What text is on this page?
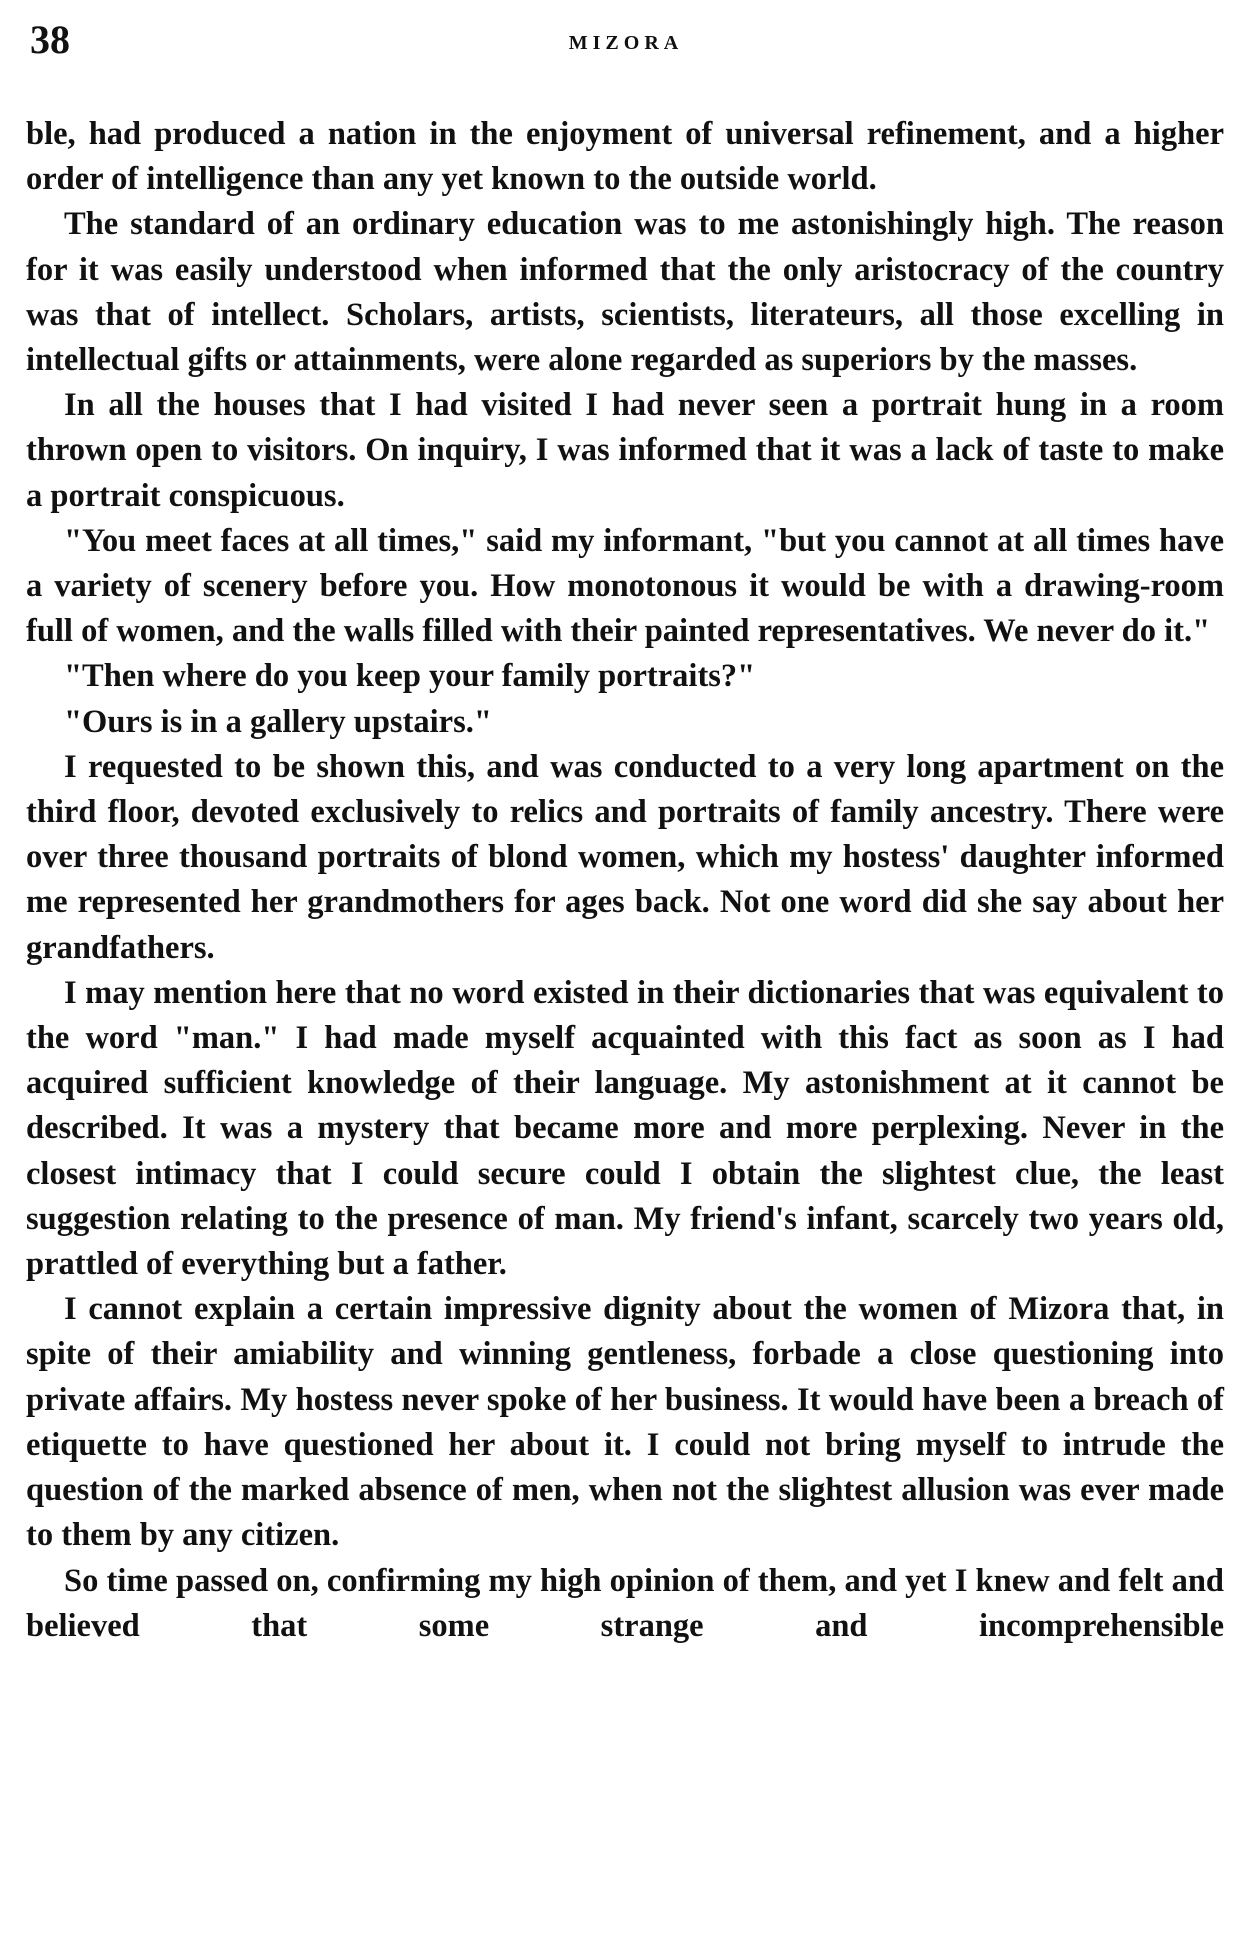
38	MIZORA

ble, had produced a nation in the enjoyment of universal refinement, and a higher order of intelligence than any yet known to the outside world.

The standard of an ordinary education was to me astonishingly high. The reason for it was easily understood when informed that the only aristocracy of the country was that of intellect. Scholars, artists, scientists, literateurs, all those excelling in intellectual gifts or attainments, were alone regarded as superiors by the masses.

In all the houses that I had visited I had never seen a portrait hung in a room thrown open to visitors. On inquiry, I was informed that it was a lack of taste to make a portrait conspicuous.

"You meet faces at all times," said my informant, "but you cannot at all times have a variety of scenery before you. How monotonous it would be with a drawing-room full of women, and the walls filled with their painted representatives. We never do it."

"Then where do you keep your family portraits?"

"Ours is in a gallery upstairs."

I requested to be shown this, and was conducted to a very long apartment on the third floor, devoted exclusively to relics and portraits of family ancestry. There were over three thousand portraits of blond women, which my hostess' daughter informed me represented her grandmothers for ages back. Not one word did she say about her grandfathers.

I may mention here that no word existed in their dictionaries that was equivalent to the word "man." I had made myself acquainted with this fact as soon as I had acquired sufficient knowledge of their language. My astonishment at it cannot be described. It was a mystery that became more and more perplexing. Never in the closest intimacy that I could secure could I obtain the slightest clue, the least suggestion relating to the presence of man. My friend's infant, scarcely two years old, prattled of everything but a father.

I cannot explain a certain impressive dignity about the women of Mizora that, in spite of their amiability and winning gentleness, forbade a close questioning into private affairs. My hostess never spoke of her business. It would have been a breach of etiquette to have questioned her about it. I could not bring myself to intrude the question of the marked absence of men, when not the slightest allusion was ever made to them by any citizen.

So time passed on, confirming my high opinion of them, and yet I knew and felt and believed that some strange and incomprehensible
